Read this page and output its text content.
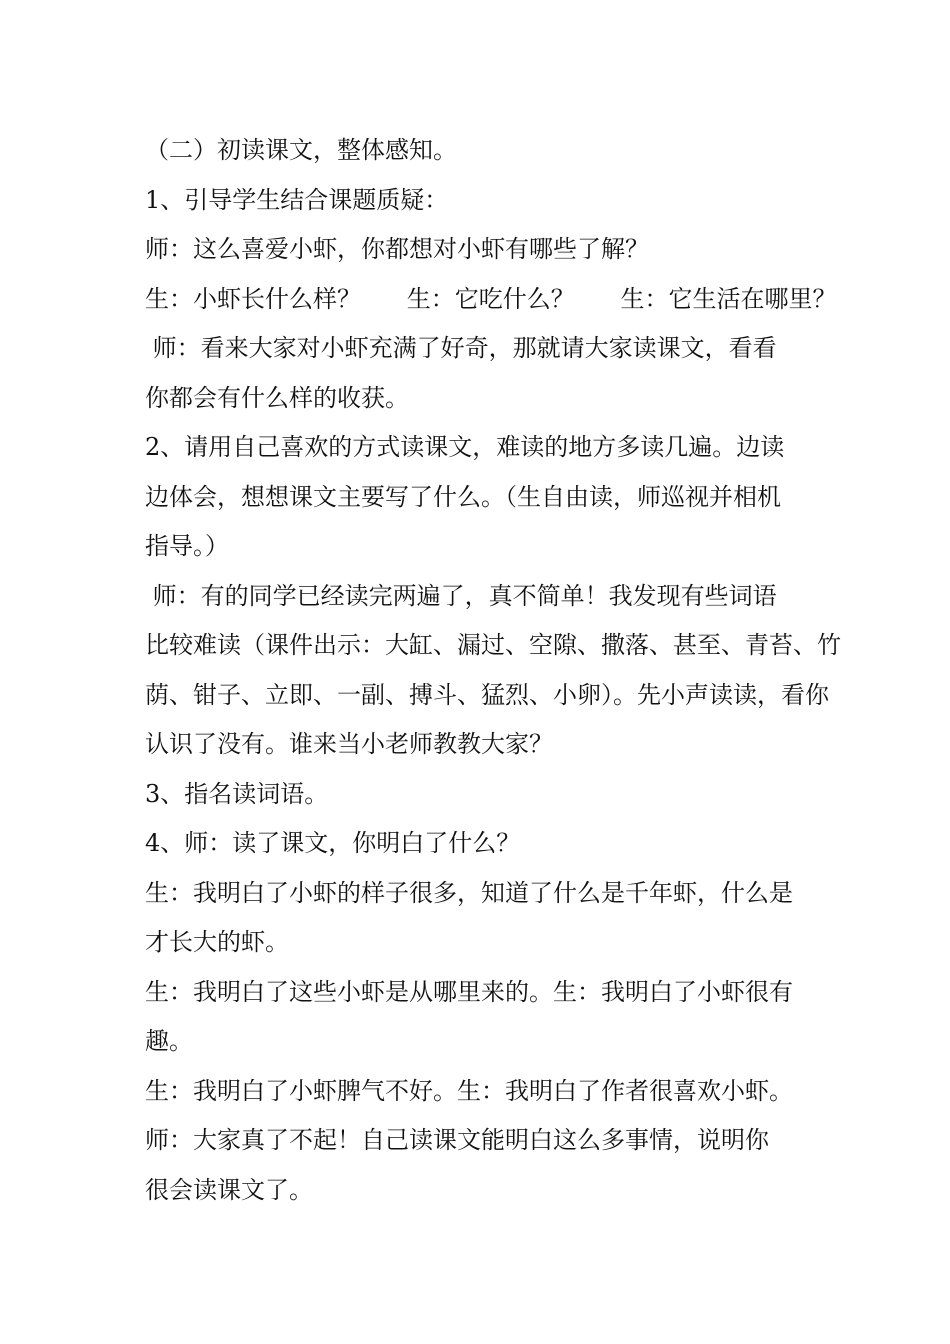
（二）初读课文，整体感知。
1、引导学生结合课题质疑：
师：这么喜爱小虾，你都想对小虾有哪些了解？
生：小虾长什么样？      生：它吃什么？      生：它生活在哪里？
师：看来大家对小虾充满了好奇，那就请大家读课文，看看
你都会有什么样的收获。
2、请用自己喜欢的方式读课文，难读的地方多读几遍。边读
边体会，想想课文主要写了什么。（生自由读，师巡视并相机
指导。）
师：有的同学已经读完两遍了，真不简单！我发现有些词语
比较难读（课件出示：大缸、漏过、空隙、撒落、甚至、青苔、竹
荫、钳子、立即、一副、搏斗、猛烈、小卵）。先小声读读，看你
认识了没有。谁来当小老师教教大家？
3、指名读词语。
4、师：读了课文，你明白了什么？
生：我明白了小虾的样子很多，知道了什么是千年虾，什么是
才长大的虾。
生：我明白了这些小虾是从哪里来的。生：我明白了小虾很有
趣。
生：我明白了小虾脾气不好。生：我明白了作者很喜欢小虾。
师：大家真了不起！自己读课文能明白这么多事情，说明你
很会读课文了。
